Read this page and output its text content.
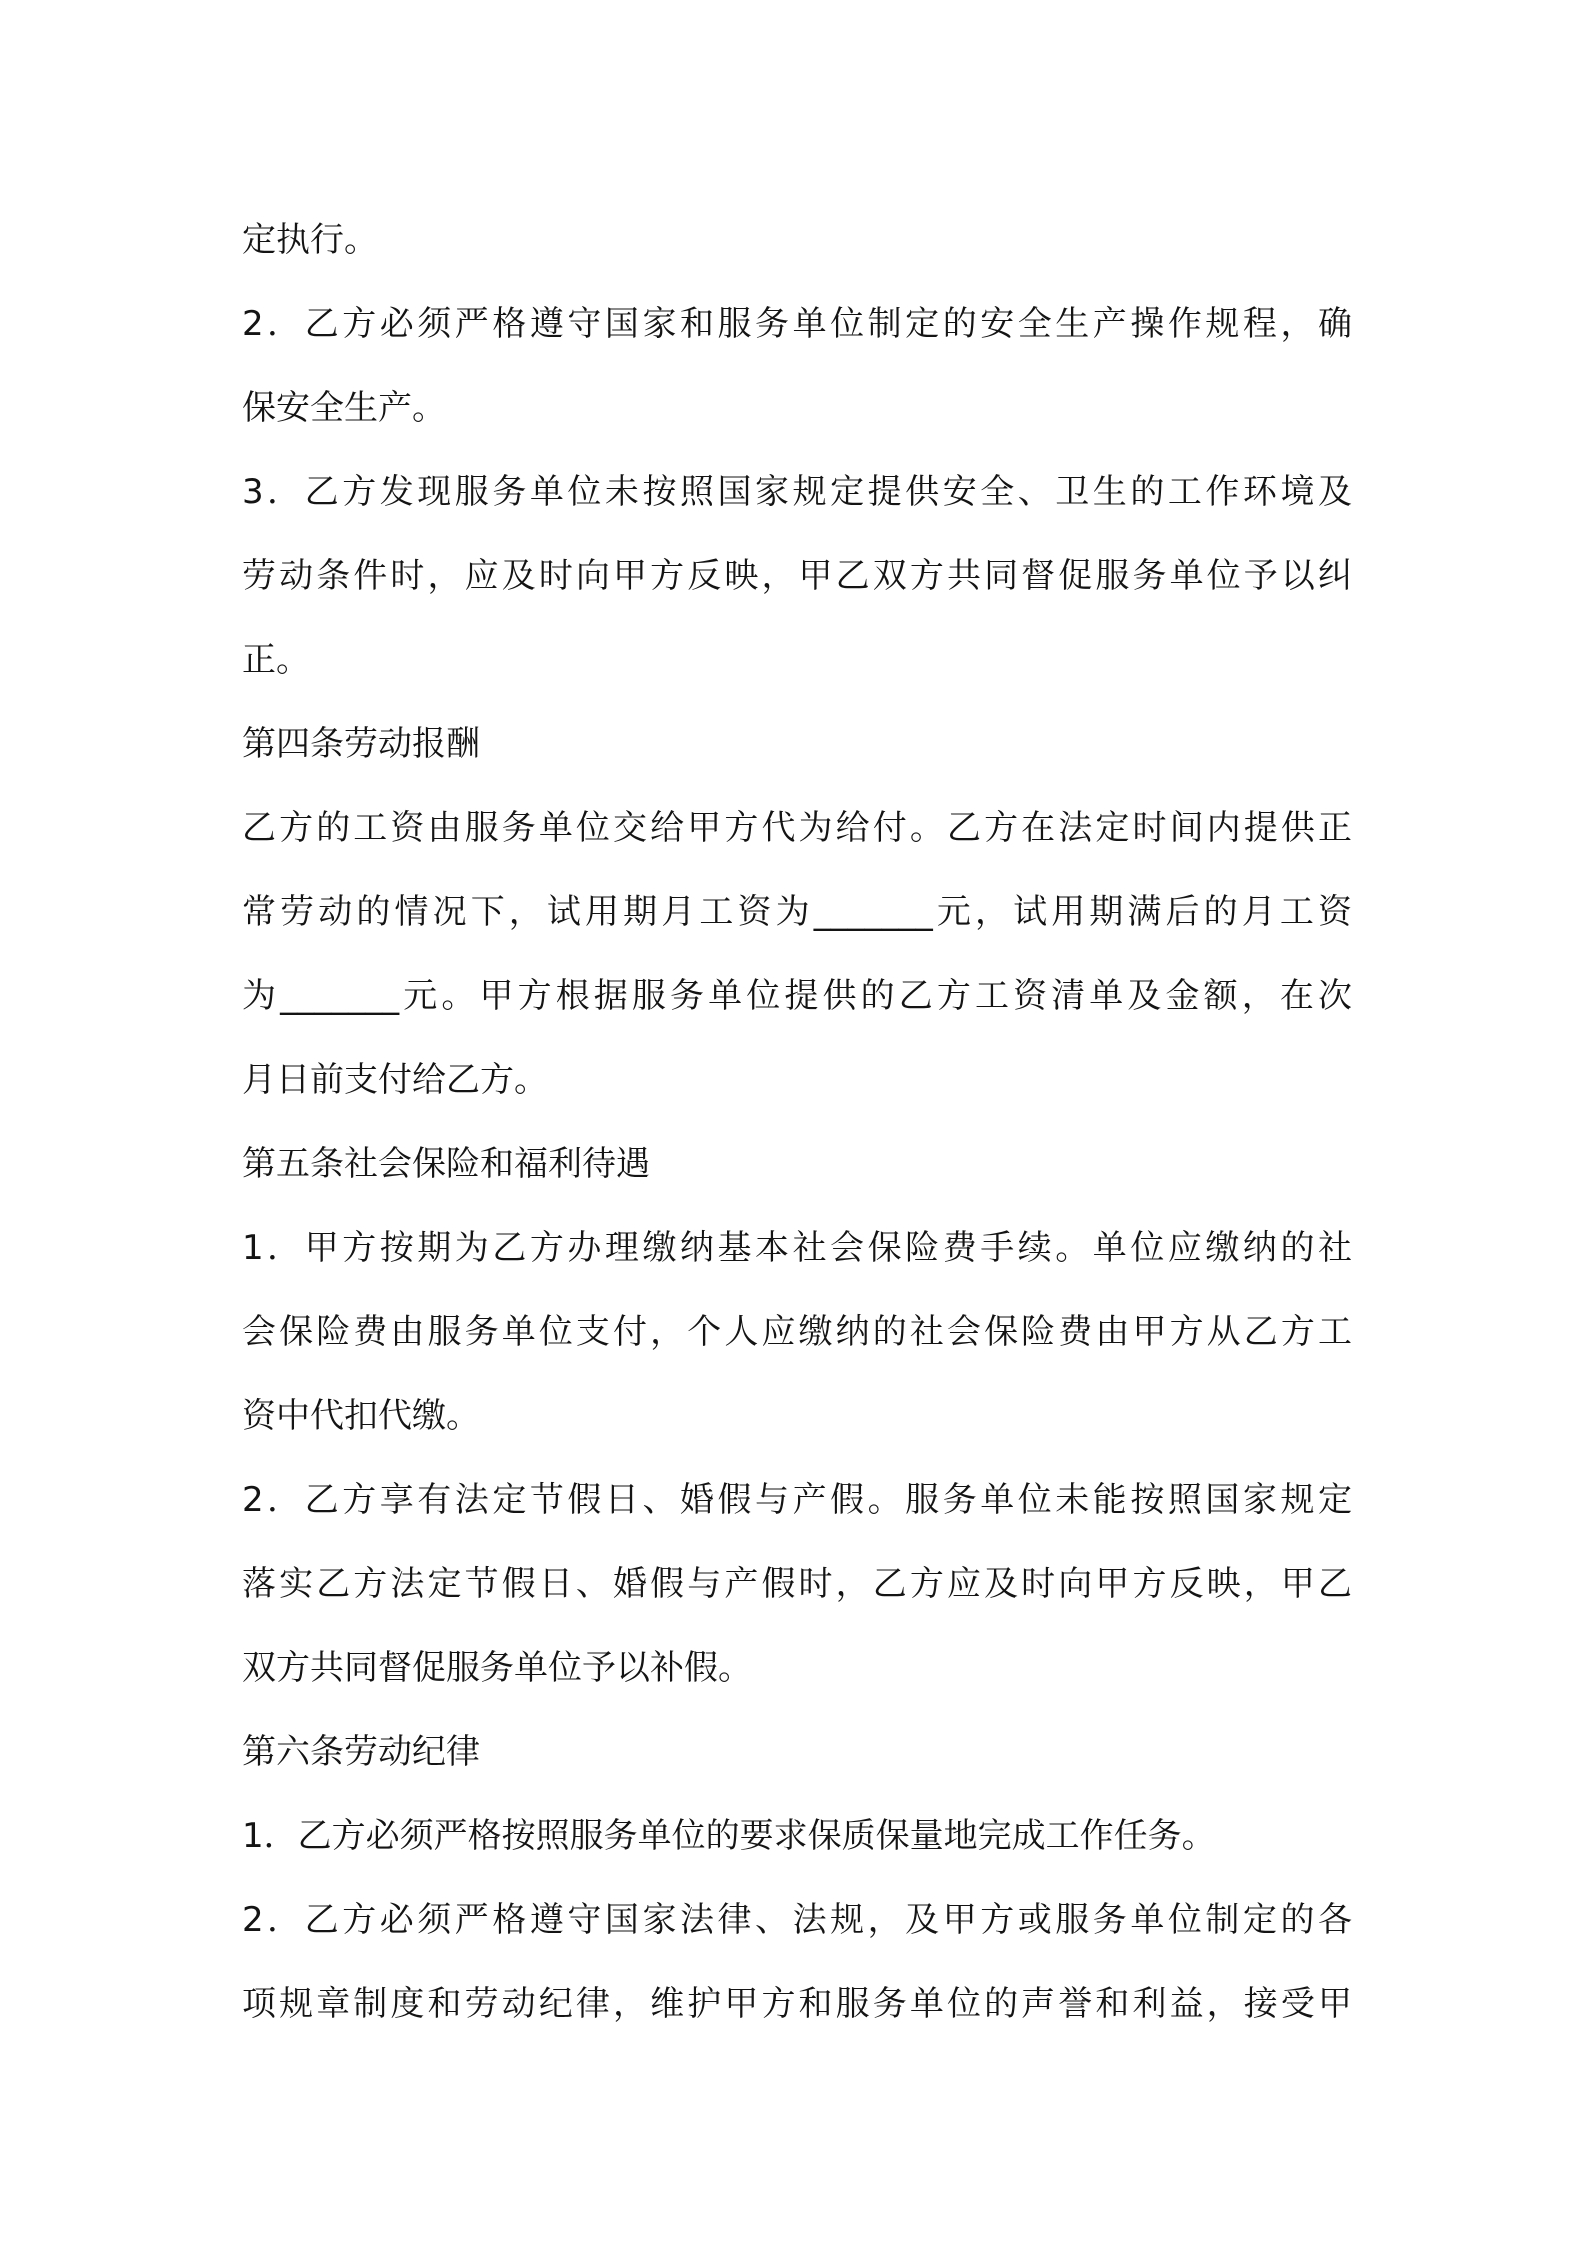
定执行。
2．乙方必须严格遵守国家和服务单位制定的安全生产操作规程，确
保安全生产。
3．乙方发现服务单位未按照国家规定提供安全、卫生的工作环境及
劳动条件时，应及时向甲方反映，甲乙双方共同督促服务单位予以纠
正。
第四条劳动报酬
乙方的工资由服务单位交给甲方代为给付。乙方在法定时间内提供正
常劳动的情况下，试用期月工资为_______元，试用期满后的月工资
为_______元。甲方根据服务单位提供的乙方工资清单及金额，在次
月日前支付给乙方。
第五条社会保险和福利待遇
1．甲方按期为乙方办理缴纳基本社会保险费手续。单位应缴纳的社
会保险费由服务单位支付，个人应缴纳的社会保险费由甲方从乙方工
资中代扣代缴。
2．乙方享有法定节假日、婚假与产假。服务单位未能按照国家规定
落实乙方法定节假日、婚假与产假时，乙方应及时向甲方反映，甲乙
双方共同督促服务单位予以补假。
第六条劳动纪律
1．乙方必须严格按照服务单位的要求保质保量地完成工作任务。
2．乙方必须严格遵守国家法律、法规，及甲方或服务单位制定的各
项规章制度和劳动纪律，维护甲方和服务单位的声誉和利益，接受甲
